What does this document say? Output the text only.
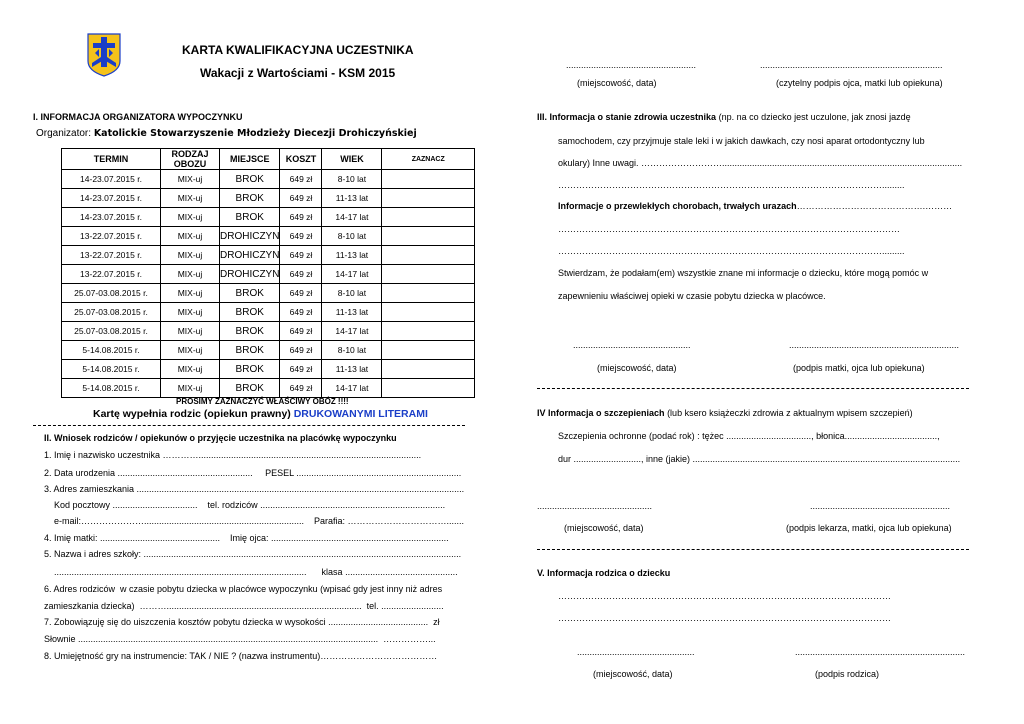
KARTA KWALIFIKACYJNA UCZESTNIKA
Wakacji z Wartościami - KSM 2015
....................................................	.........................................................................
(miejscowość, data)	(czytelny podpis ojca, matki lub opiekuna)
I. INFORMACJA ORGANIZATORA WYPOCZYNKU
Organizator: Katolickie Stowarzyszenie Młodzieży Diecezji Drohiczyńskiej
TERMIN	RODZAJ OBOZU	MIEJSCE	KOSZT	WIEK	ZAZNACZ
14-23.07.2015 r.	MIX-uj	BROK	649 zł	8-10 lat	
14-23.07.2015 r.	MIX-uj	BROK	649 zł	11-13 lat	
14-23.07.2015 r.	MIX-uj	BROK	649 zł	14-17 lat	
13-22.07.2015 r.	MIX-uj	DROHICZYN	649 zł	8-10 lat	
13-22.07.2015 r.	MIX-uj	DROHICZYN	649 zł	11-13 lat	
13-22.07.2015 r.	MIX-uj	DROHICZYN	649 zł	14-17 lat	
25.07-03.08.2015 r.	MIX-uj	BROK	649 zł	8-10 lat	
25.07-03.08.2015 r.	MIX-uj	BROK	649 zł	11-13 lat	
25.07-03.08.2015 r.	MIX-uj	BROK	649 zł	14-17 lat	
5-14.08.2015 r.	MIX-uj	BROK	649 zł	8-10 lat	
5-14.08.2015 r.	MIX-uj	BROK	649 zł	11-13 lat	
5-14.08.2015 r.	MIX-uj	BROK	649 zł	14-17 lat	
PROSIMY ZAZNACZYĆ WŁAŚCIWY OBÓZ !!!!
Kartę wypełnia rodzic (opiekun prawny) DRUKOWANYMI LITERAMI
II. Wniosek rodziców / opiekunów o przyjęcie uczestnika na placówkę wypoczynku
1. Imię i nazwisko uczestnika ………….........................................................................................
2. Data urodzenia ......................................................     PESEL ..................................................................
3. Adres zamieszkania ...................................................................................................................................
Kod pocztowy ..................................    tel. rodziców ..........................................................................
e-mail:…………………................................................................    Parafia: …………………………….......
4. Imię matki: ................................................    Imię ojca: .......................................................................
5. Nazwa i adres szkoły: ...............................................................................................................................
.....................................................................................................      klasa .............................................
6. Adres rodziców  w czasie pobytu dziecka w placówce wypoczynku (wpisać gdy jest inny niż adres
zamieszkania dziecka)  ………..............................................................................  tel. .........................
7. Zobowiązuję się do uiszczenia kosztów pobytu dziecka w wysokości ........................................  zł
Słownie ........................................................................................................................  ……………...
8. Umiejętność gry na instrumencie: TAK / NIE ? (nazwa instrumentu)…………………………………
III. Informacja o stanie zdrowia uczestnika (np. na co dziecko jest uczulone, jak znosi jazdę
samochodem, czy przyjmuje stale leki i w jakich dawkach, czy nosi aparat ortodontyczny lub
okulary) Inne uwagi. ………………………................................................................................................
……………………………………………………………………………………………….........
Informacje o przewlekłych chorobach, trwałych urazach…………………………………….………
……………………………………………………………………………………………………
……………………………………………………………………………………………….........
Stwierdzam, że podałam(em) wszystkie znane mi informacje o dziecku, które mogą pomóc w
zapewnieniu właściwej opieki w czasie pobytu dziecka w placówce.
...............................................	....................................................................
(miejscowość, data)	(podpis matki, ojca lub opiekuna)
IV Informacja o szczepieniach (lub ksero książeczki zdrowia z aktualnym wpisem szczepień)
Szczepienia ochronne (podać rok) : tężec .................................., błonica.....................................,
dur ..........................., inne (jakie) ...........................................................................................................
..............................................	........................................................
(miejscowość, data)	(podpis lekarza, matki, ojca lub opiekuna)
V. Informacja rodzica o dziecku
…………………………………………………………………………………………………
…………………………………………………………………………………………………
...............................................	....................................................................
(miejscowość, data)	(podpis rodzica)
